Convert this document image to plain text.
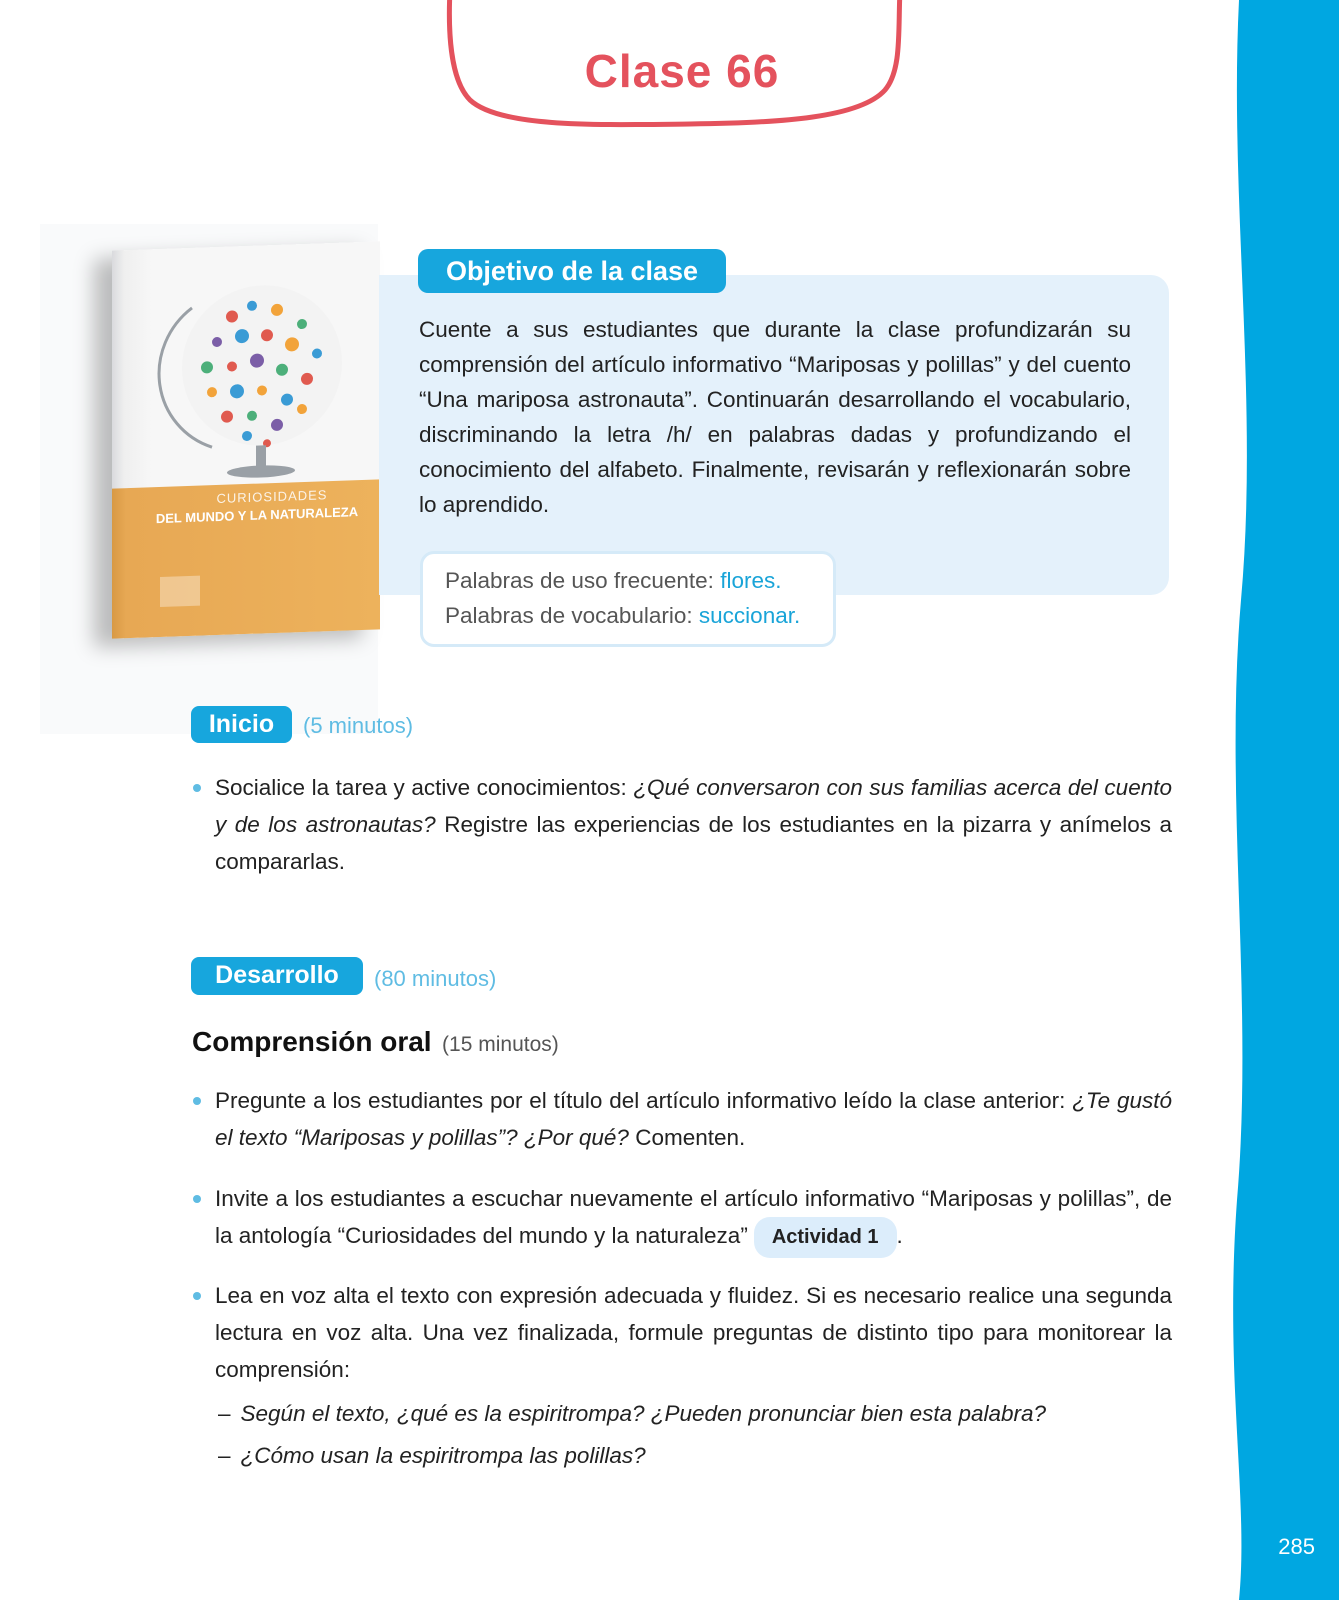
285
Clase 66
CURIOSIDADES
DEL MUNDO Y LA NATURALEZA
Objetivo de la clase
Cuente a sus estudiantes que durante la clase profundizarán su comprensión del artículo informativo “Mariposas y polillas” y del cuento “Una mariposa astronauta”. Continuarán desarrollando el vocabulario, discriminando la letra /h/ en palabras dadas y profundizando el conocimiento del alfabeto. Finalmente, revisarán y reflexionarán sobre lo aprendido.
Palabras de uso frecuente: flores.
Palabras de vocabulario: succionar.
Inicio	(5 minutos)
Socialice la tarea y active conocimientos: ¿Qué conversaron con sus familias acerca del cuento y de los astronautas? Registre las experiencias de los estudiantes en la pizarra y anímelos a compararlas.
Desarrollo	(80 minutos)
Comprensión oral (15 minutos)
Pregunte a los estudiantes por el título del artículo informativo leído la clase anterior: ¿Te gustó el texto “Mariposas y polillas”? ¿Por qué? Comenten.
Invite a los estudiantes a escuchar nuevamente el artículo informativo “Mariposas y polillas”, de la antología “Curiosidades del mundo y la naturaleza” Actividad 1 .
Lea en voz alta el texto con expresión adecuada y fluidez. Si es necesario realice una segunda lectura en voz alta. Una vez finalizada, formule preguntas de distinto tipo para monitorear la comprensión:
– Según el texto, ¿qué es la espiritrompa? ¿Pueden pronunciar bien esta palabra?
– ¿Cómo usan la espiritrompa las polillas?
